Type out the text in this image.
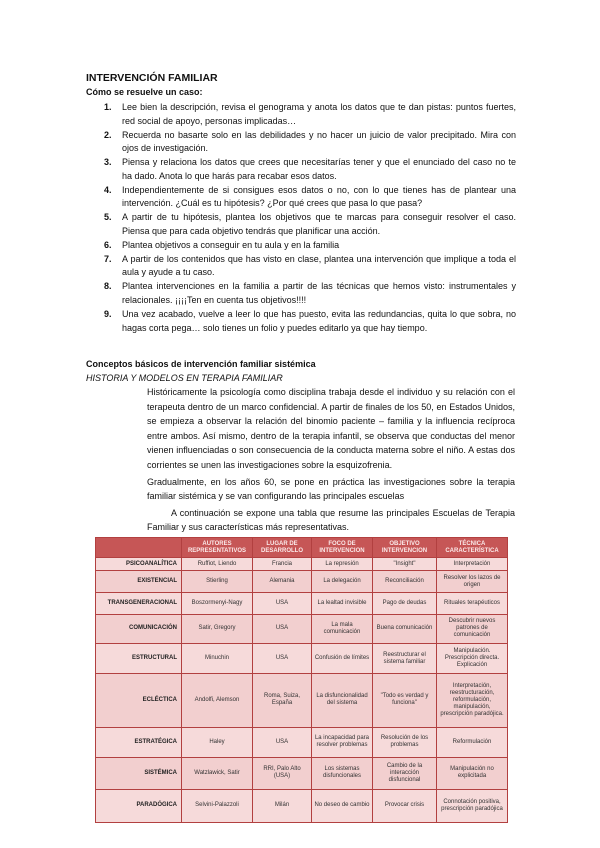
INTERVENCIÓN FAMILIAR
Cómo se resuelve un caso:
1. Lee bien la descripción, revisa el genograma y anota los datos que te dan pistas: puntos fuertes, red social de apoyo, personas implicadas…
2. Recuerda no basarte solo en las debilidades y no hacer un juicio de valor precipitado. Mira con ojos de investigación.
3. Piensa y relaciona los datos que crees que necesitarías tener y que el enunciado del caso no te ha dado. Anota lo que harás para recabar esos datos.
4. Independientemente de si consigues esos datos o no, con lo que tienes has de plantear una intervención. ¿Cuál es tu hipótesis? ¿Por qué crees que pasa lo que pasa?
5. A partir de tu hipótesis, plantea los objetivos que te marcas para conseguir resolver el caso. Piensa que para cada objetivo tendrás que planificar una acción.
6. Plantea objetivos a conseguir en tu aula y en la familia
7. A partir de los contenidos que has visto en clase, plantea una intervención que implique a toda el aula y ayude a tu caso.
8. Plantea intervenciones en la familia a partir de las técnicas que hemos visto: instrumentales y relacionales. ¡¡¡¡Ten en cuenta tus objetivos!!!!
9. Una vez acabado, vuelve a leer lo que has puesto, evita las redundancias, quita lo que sobra, no hagas corta pega… solo tienes un folio y puedes editarlo ya que hay tiempo.
Conceptos básicos de intervención familiar sistémica
HISTORIA Y MODELOS EN TERAPIA FAMILIAR

Históricamente la psicología como disciplina trabaja desde el individuo y su relación con el terapeuta dentro de un marco confidencial. A partir de finales de los 50, en Estados Unidos, se empieza a observar la relación del binomio paciente – familia y la influencia recíproca entre ambos. Así mismo, dentro de la terapia infantil, se observa que conductas del menor vienen influenciadas o son consecuencia de la conducta materna sobre el niño. A estas dos corrientes se unen las investigaciones sobre la esquizofrenia.

Gradualmente, en los años 60, se pone en práctica las investigaciones sobre la terapia familiar sistémica y se van configurando las principales escuelas

A continuación se expone una tabla que resume las principales Escuelas de Terapia Familiar y sus características más representativas.

	AUTORES REPRESENTATIVOS	LUGAR DE DESARROLLO	FOCO DE INTERVENCION	OBJETIVO INTERVENCION	TÉCNICA CARACTERÍSTICA
PSICOANALÍTICA	Ruffiot, Liendo	Francia	La represión	"Insight"	Interpretación
EXISTENCIAL	Stierling	Alemania	La delegación	Reconciliación	Resolver los lazos de origen
TRANSGENERACIONAL	Boszormenyi-Nagy	USA	La lealtad invisible	Pago de deudas	Rituales terapéuticos
COMUNICACIÓN	Satir, Gregory	USA	La mala comunicación	Buena comunicación	Descubrir nuevos patrones de comunicación
ESTRUCTURAL	Minuchin	USA	Confusión de límites	Reestructurar el sistema familiar	Manipulación. Prescripción directa. Explicación
ECLÉCTICA	Andolfi, Alemson	Roma, Suiza, España	La disfuncionalidad del sistema	"Todo es verdad y funciona"	Interpretación, reestructuración, reformulación, manipulación, prescripción paradójica.
ESTRATÉGICA	Haley	USA	La incapacidad para resolver problemas	Resolución de los problemas	Reformulación
SISTÉMICA	Watzlawick, Satir	RRI, Palo Alto (USA)	Los sistemas disfuncionales	Cambio de la interacción disfuncional	Manipulación no explicitada
PARADÓGICA	Selvini-Palazzoli	Milán	No deseo de cambio	Provocar crisis	Connotación positiva, prescripción paradójica
